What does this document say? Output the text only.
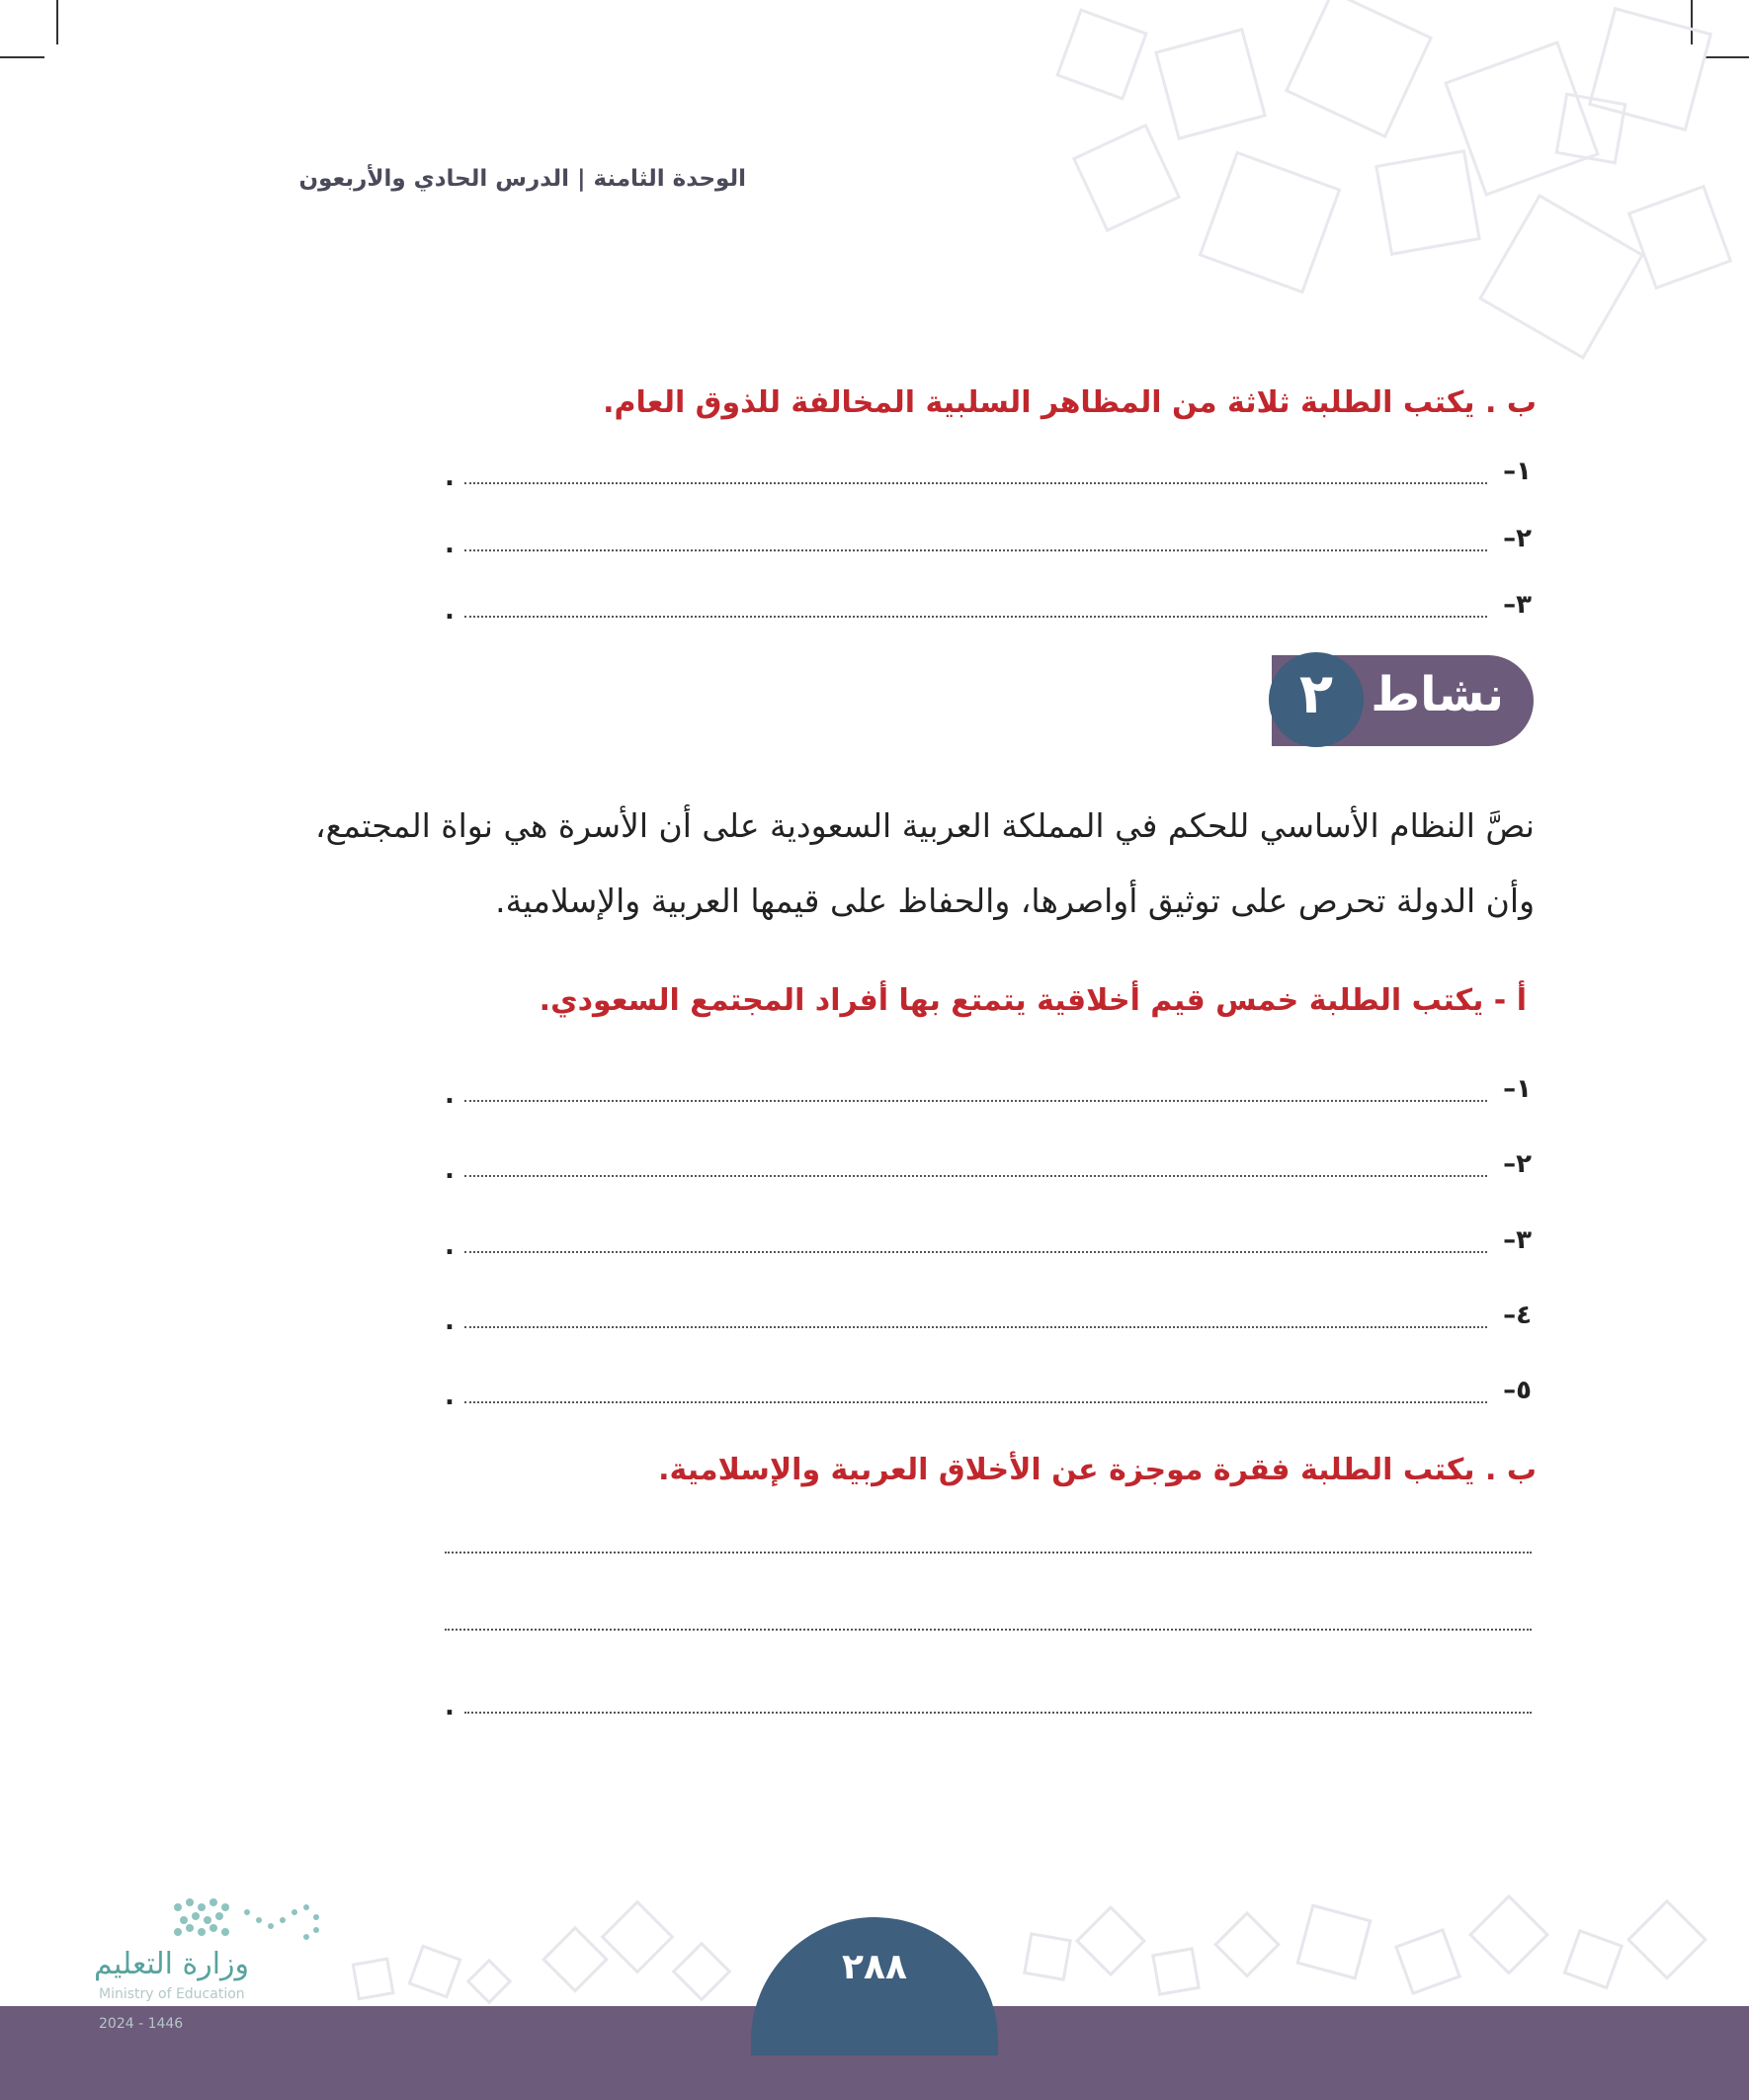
الوحدة الثامنة | الدرس الحادي والأربعون
ب . يكتب الطلبة ثلاثة من المظاهر السلبية المخالفة للذوق العام.
١–
.
٢–
.
٣–
.
نشاط
٢
نصَّ النظام الأساسي للحكم في المملكة العربية السعودية على أن الأسرة هي نواة المجتمع،
وأن الدولة تحرص على توثيق أواصرها، والحفاظ على قيمها العربية والإسلامية.
أ - يكتب الطلبة خمس قيم أخلاقية يتمتع بها أفراد المجتمع السعودي.
١–
.
٢–
.
٣–
.
٤–
.
٥–
.
ب . يكتب الطلبة فقرة موجزة عن الأخلاق العربية والإسلامية.
.
٢٨٨
وزارة التعليم
Ministry of Education
2024 - 1446
